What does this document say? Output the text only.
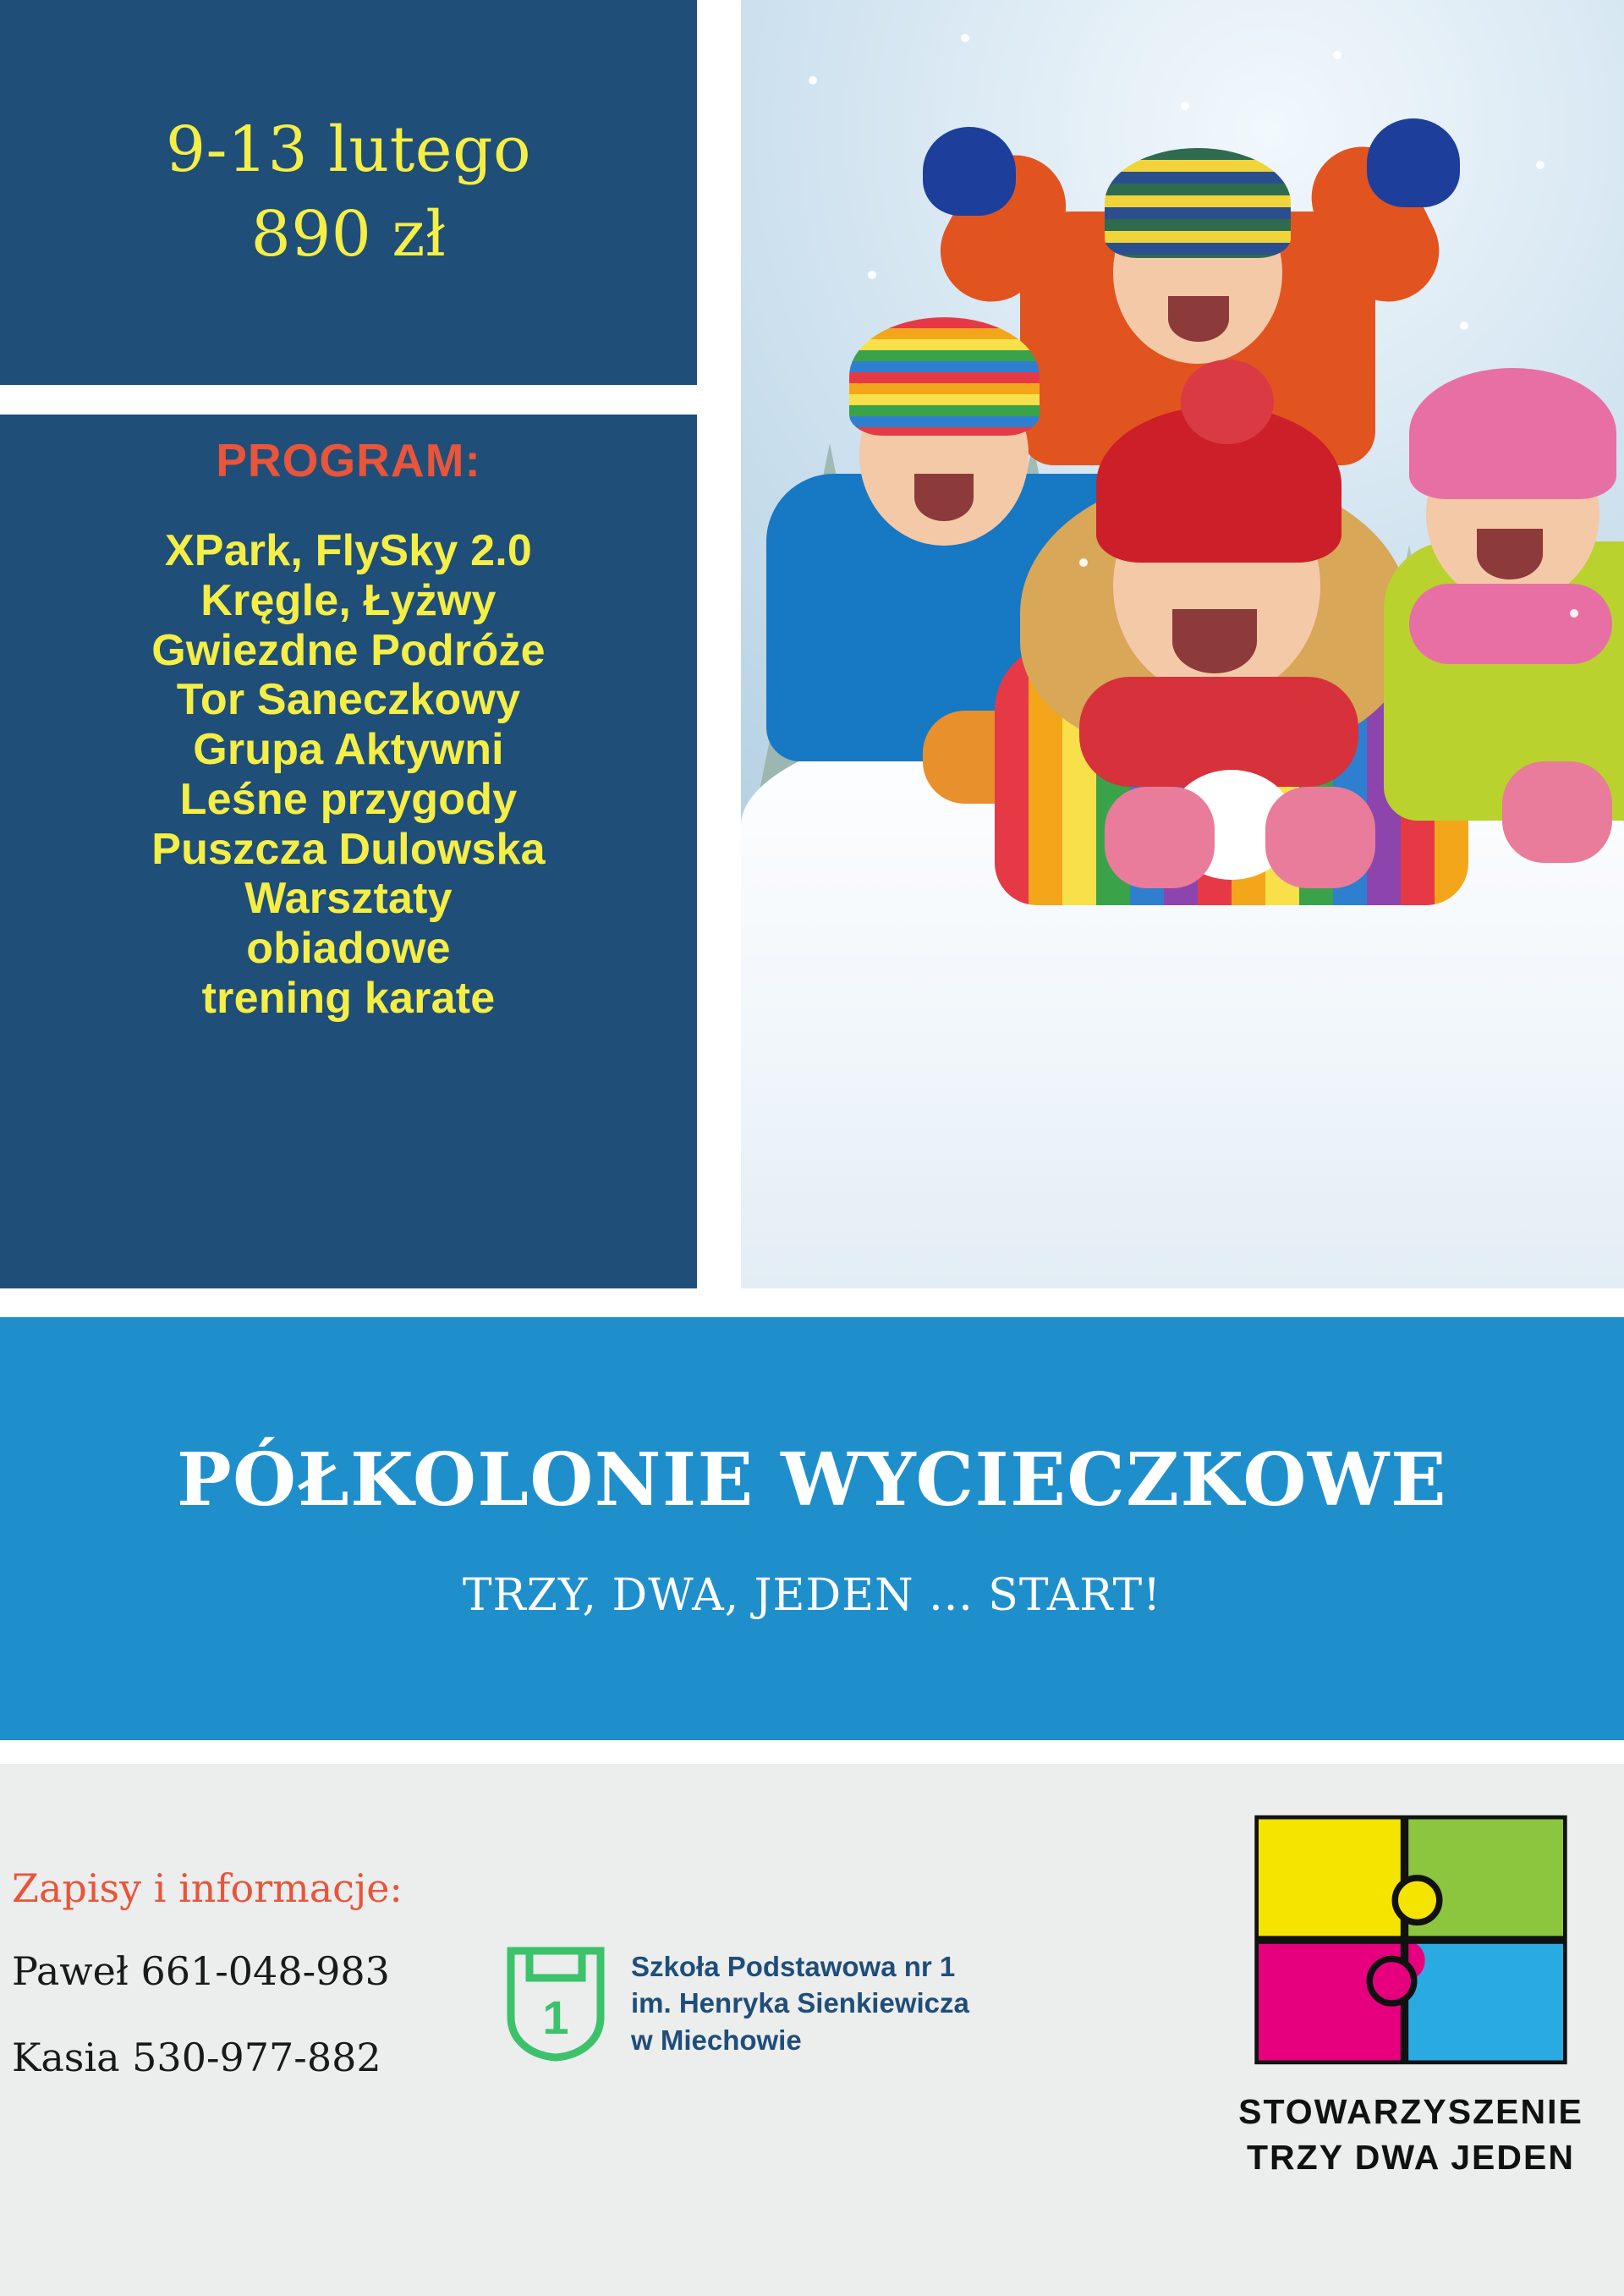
9-13 lutego
890 zł
PROGRAM:
XPark, FlySky 2.0
Kręgle, Łyżwy
Gwiezdne Podróże
Tor Saneczkowy
Grupa Aktywni
Leśne przygody
Puszcza Dulowska
Warsztaty
obiadowe
trening karate
PÓŁKOLONIE WYCIECZKOWE
TRZY, DWA, JEDEN ... START!
Zapisy i informacje:
Paweł 661-048-983
Kasia 530-977-882
1
Szkoła Podstawowa nr 1
im. Henryka Sienkiewicza
w Miechowie
STOWARZYSZENIE
TRZY DWA JEDEN
